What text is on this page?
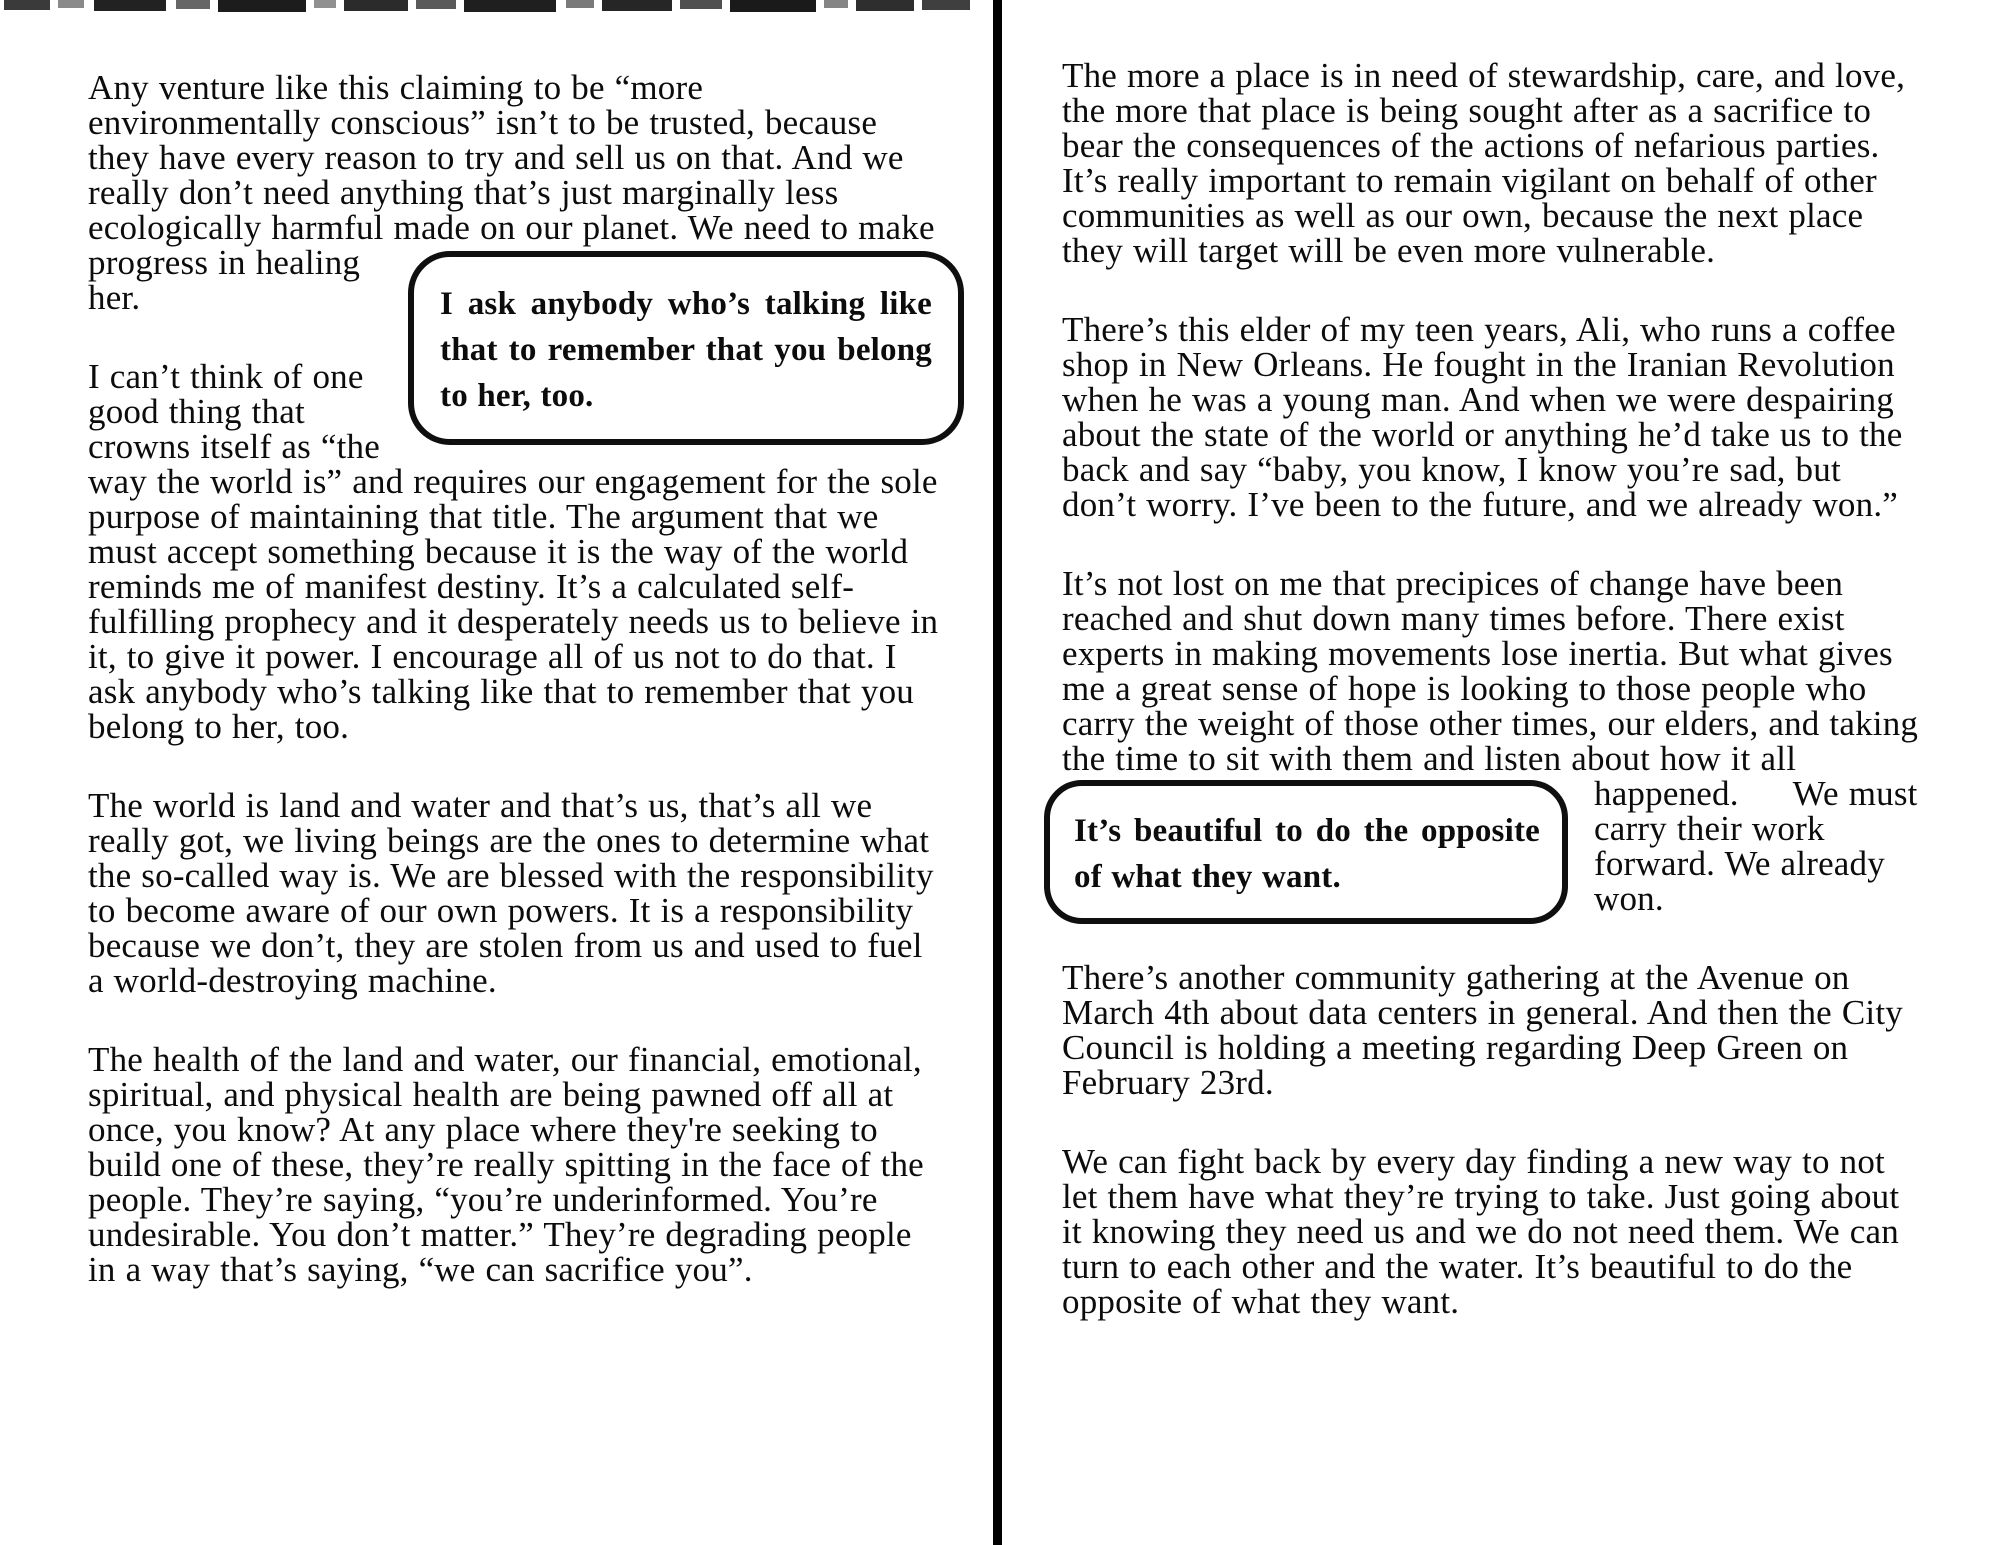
Any venture like this claiming to be “more environmentally conscious” isn’t to be trusted, because they have every reason to try and sell us on that. And we really don’t need anything that’s just marginally less ecologically harmful made on our
I ask anybody who’s talking like that to remember that you belong to her, too.
planet. We need to make progress in healing her.
I can’t think of one good thing that crowns itself as “the way the world is” and requires our engagement for the sole purpose of maintaining that title. The argument that we must accept something because it is the way of the world reminds me of manifest destiny. It’s a calculated self-fulfilling prophecy and it desperately needs us to believe in it, to give it power. I encourage all of us not to do that. I ask anybody who’s talking like that to remember that you belong to her, too.
The world is land and water and that’s us, that’s all we really got, we living beings are the ones to determine what the so-called way is. We are blessed with the responsibility to become aware of our own powers. It is a responsibility because we don’t, they are stolen from us and used to fuel a world-destroying machine.
The health of the land and water, our financial, emotional, spiritual, and physical health are being pawned off all at once, you know? At any place where they're seeking to build one of these, they’re really spitting in the face of the people. They’re saying, “you’re underinformed. You’re undesirable. You don’t matter.” They’re degrading people in a way that’s saying, “we can sacrifice you”.
The more a place is in need of stewardship, care, and love, the more that place is being sought after as a sacrifice to bear the consequences of the actions of nefarious parties. It’s really important to remain vigilant on behalf of other communities as well as our own, because the next place they will target will be even more vulnerable.
There’s this elder of my teen years, Ali, who runs a coffee shop in New Orleans. He fought in the Iranian Revolution when he was a young man. And when we were despairing about the state of the world or anything he’d take us to the back and say “baby, you know, I know you’re sad, but don’t worry. I’ve been to the future, and we already won.”
It’s not lost on me that precipices of change have been reached and shut down many times before. There exist experts in making movements lose inertia. But what gives me a great sense of hope is looking to those people who carry the weight of those other times, our elders, and taking the time to sit with them and listen about how it all happened.
It’s beautiful to do the opposite of what they want.
We must carry their work forward. We already won.
There’s another community gathering at the Avenue on March 4th about data centers in general. And then the City Council is holding a meeting regarding Deep Green on February 23rd.
We can fight back by every day finding a new way to not let them have what they’re trying to take. Just going about it knowing they need us and we do not need them. We can turn to each other and the water. It’s beautiful to do the opposite of what they want.
